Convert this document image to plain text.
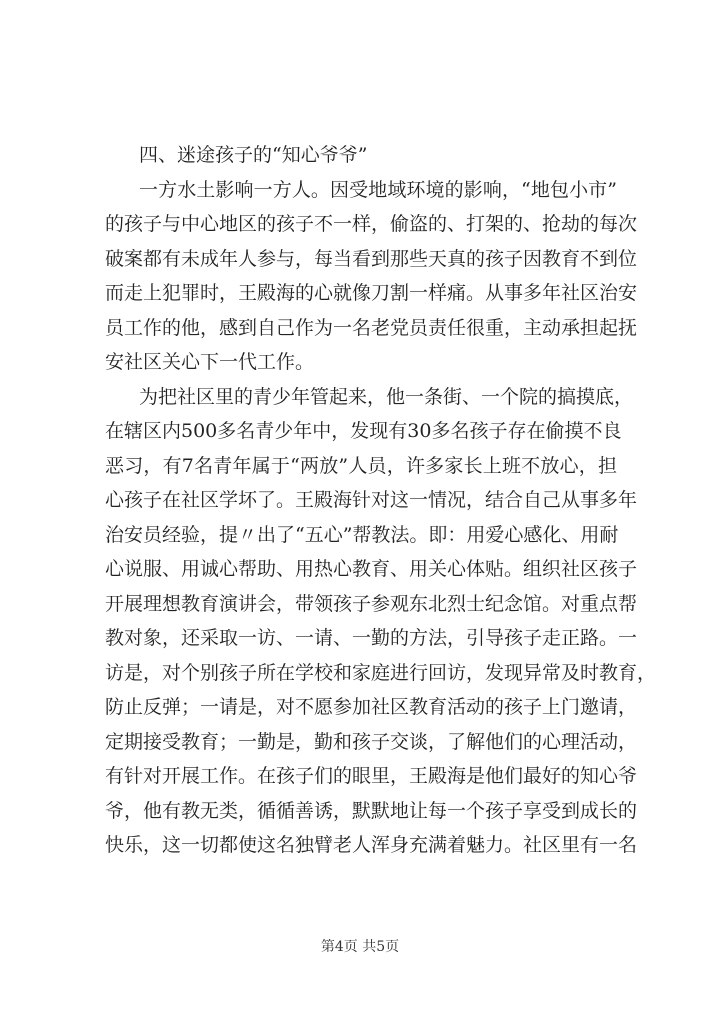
四、迷途孩子的“知心爷爷”
一方水土影响一方人。因受地域环境的影响，“地包小市”
的孩子与中心地区的孩子不一样，偷盗的、打架的、抢劫的每次
破案都有未成年人参与，每当看到那些天真的孩子因教育不到位
而走上犯罪时，王殿海的心就像刀割一样痛。从事多年社区治安
员工作的他，感到自己作为一名老党员责任很重，主动承担起抚
安社区关心下一代工作。
为把社区里的青少年管起来，他一条街、一个院的搞摸底，
在辖区内500多名青少年中，发现有30多名孩子存在偷摸不良
恶习，有7名青年属于“两放”人员，许多家长上班不放心，担
心孩子在社区学坏了。王殿海针对这一情况，结合自己从事多年
治安员经验，提〃出了“五心”帮教法。即：用爱心感化、用耐
心说服、用诚心帮助、用热心教育、用关心体贴。组织社区孩子
开展理想教育演讲会，带领孩子参观东北烈士纪念馆。对重点帮
教对象，还采取一访、一请、一勤的方法，引导孩子走正路。一
访是，对个别孩子所在学校和家庭进行回访，发现异常及时教育，
防止反弹；一请是，对不愿参加社区教育活动的孩子上门邀请，
定期接受教育；一勤是，勤和孩子交谈，了解他们的心理活动，
有针对开展工作。在孩子们的眼里，王殿海是他们最好的知心爷
爷，他有教无类，循循善诱，默默地让每一个孩子享受到成长的
快乐，这一切都使这名独臂老人浑身充满着魅力。社区里有一名
第4页 共5页
